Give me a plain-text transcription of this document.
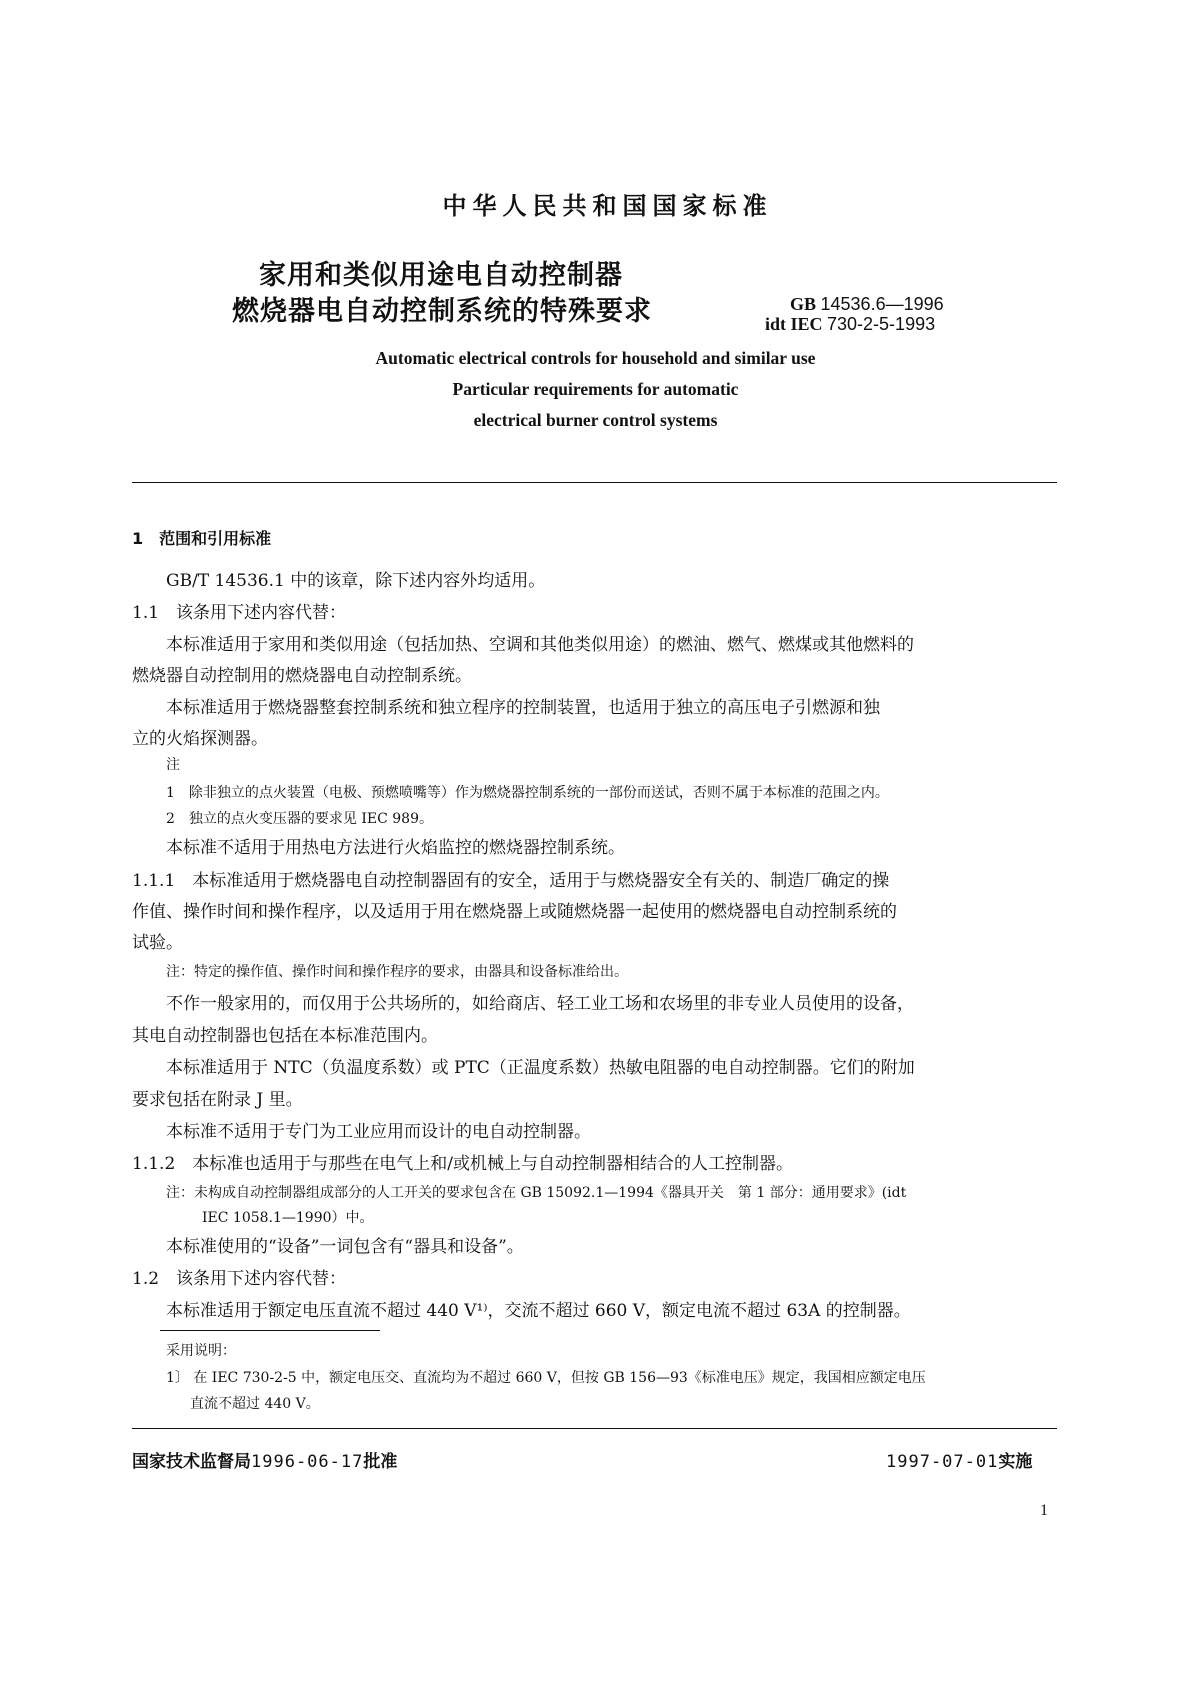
中华人民共和国国家标准
家用和类似用途电自动控制器
燃烧器电自动控制系统的特殊要求	GB 14536.6—1996
idt IEC 730-2-5-1993
Automatic electrical controls for household and similar use
Particular requirements for automatic
electrical burner control systems
1　范围和引用标准
GB/T 14536.1 中的该章，除下述内容外均适用。
1.1　该条用下述内容代替：
本标准适用于家用和类似用途（包括加热、空调和其他类似用途）的燃油、燃气、燃煤或其他燃料的
燃烧器自动控制用的燃烧器电自动控制系统。
本标准适用于燃烧器整套控制系统和独立程序的控制装置，也适用于独立的高压电子引燃源和独
立的火焰探测器。
注
1　除非独立的点火装置（电极、预燃喷嘴等）作为燃烧器控制系统的一部份而送试，否则不属于本标准的范围之内。
2　独立的点火变压器的要求见 IEC 989。
本标准不适用于用热电方法进行火焰监控的燃烧器控制系统。
1.1.1　本标准适用于燃烧器电自动控制器固有的安全，适用于与燃烧器安全有关的、制造厂确定的操
作值、操作时间和操作程序，以及适用于用在燃烧器上或随燃烧器一起使用的燃烧器电自动控制系统的
试验。
注：特定的操作值、操作时间和操作程序的要求，由器具和设备标准给出。
不作一般家用的，而仅用于公共场所的，如给商店、轻工业工场和农场里的非专业人员使用的设备，
其电自动控制器也包括在本标准范围内。
本标准适用于 NTC（负温度系数）或 PTC（正温度系数）热敏电阻器的电自动控制器。它们的附加
要求包括在附录 J 里。
本标准不适用于专门为工业应用而设计的电自动控制器。
1.1.2　本标准也适用于与那些在电气上和/或机械上与自动控制器相结合的人工控制器。
注：未构成自动控制器组成部分的人工开关的要求包含在 GB 15092.1—1994《器具开关　第 1 部分：通用要求》(idt
IEC 1058.1—1990）中。
本标准使用的“设备”一词包含有“器具和设备”。
1.2　该条用下述内容代替：
本标准适用于额定电压直流不超过 440 V¹⁾，交流不超过 660 V，额定电流不超过 63A 的控制器。
采用说明：
1〕 在 IEC 730-2-5 中，额定电压交、直流均为不超过 660 V，但按 GB 156—93《标准电压》规定，我国相应额定电压
直流不超过 440 V。
国家技术监督局1996-06-17批准	1997-07-01实施
1
